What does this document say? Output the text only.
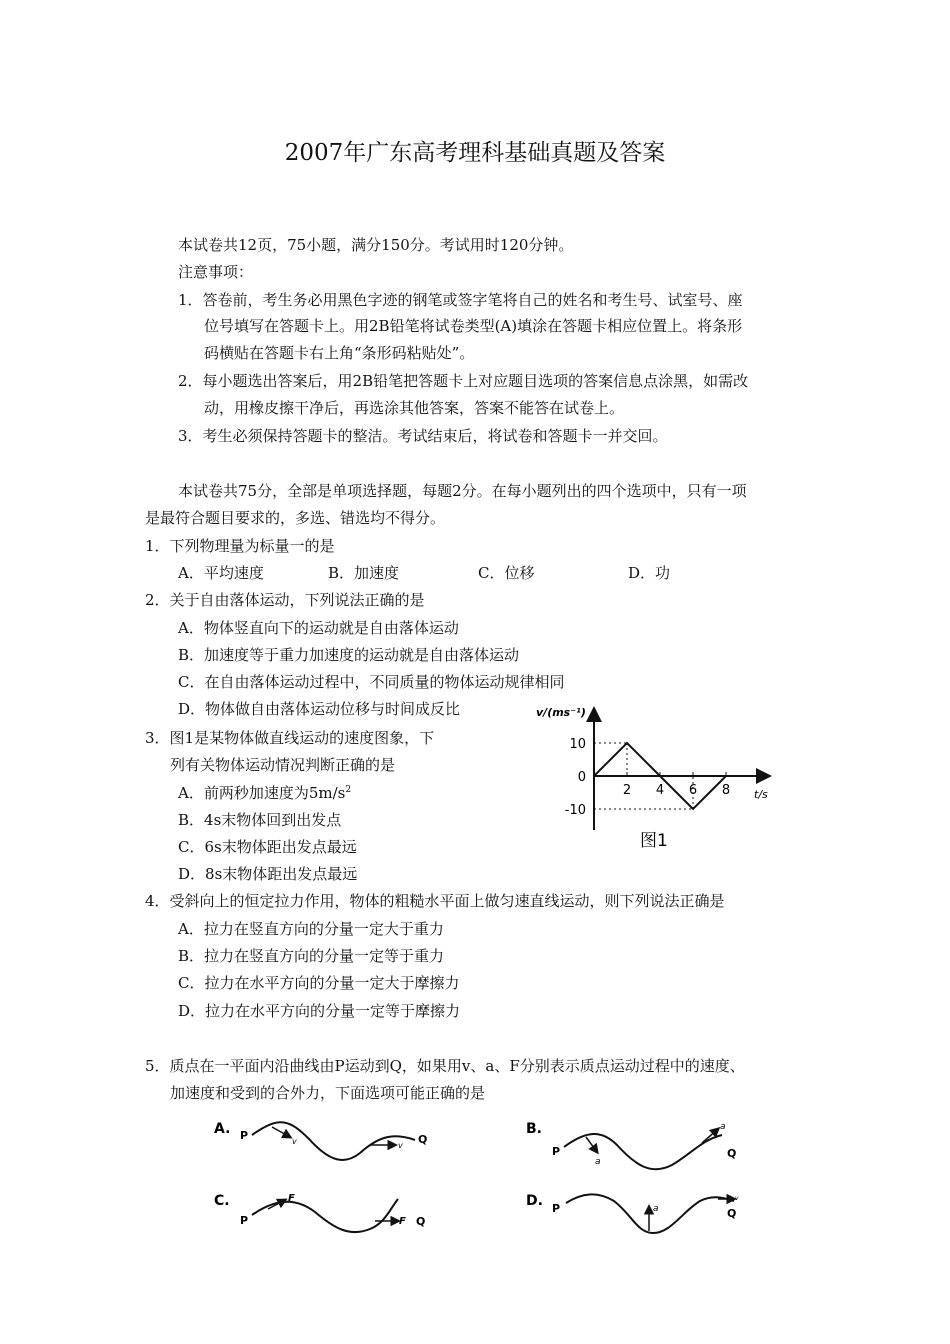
2007年广东高考理科基础真题及答案
本试卷共12页，75小题，满分150分。考试用时120分钟。
注意事项：
1．答卷前，考生务必用黑色字迹的钢笔或签字笔将自己的姓名和考生号、试室号、座
位号填写在答题卡上。用2B铅笔将试卷类型(A)填涂在答题卡相应位置上。将条形
码横贴在答题卡右上角“条形码粘贴处”。
2．每小题选出答案后，用2B铅笔把答题卡上对应题目选项的答案信息点涂黑，如需改
动，用橡皮擦干净后，再选涂其他答案，答案不能答在试卷上。
3．考生必须保持答题卡的整洁。考试结束后，将试卷和答题卡一并交回。
本试卷共75分，全部是单项选择题，每题2分。在每小题列出的四个选项中，只有一项
是最符合题目要求的，多选、错选均不得分。
1．下列物理量为标量一的是
A．平均速度	B．加速度	C．位移	D．功
2．关于自由落体运动，下列说法正确的是
A．物体竖直向下的运动就是自由落体运动
B．加速度等于重力加速度的运动就是自由落体运动
C．在自由落体运动过程中，不同质量的物体运动规律相同
D．物体做自由落体运动位移与时间成反比
3．图1是某物体做直线运动的速度图象，下
列有关物体运动情况判断正确的是
A．前两秒加速度为$5m/s^2$
B．4s末物体回到出发点
C．6s末物体距出发点最远
D．8s末物体距出发点最远
v/(ms⁻¹)
10
0
-10
2 4 6 8 t/s
图1
4．受斜向上的恒定拉力作用，物体的粗糙水平面上做匀速直线运动，则下列说法正确是
A．拉力在竖直方向的分量一定大于重力
B．拉力在竖直方向的分量一定等于重力
C．拉力在水平方向的分量一定大于摩擦力
D．拉力在水平方向的分量一定等于摩擦力
5．质点在一平面内沿曲线由P运动到Q，如果用v、a、F分别表示质点运动过程中的速度、
加速度和受到的合外力，下面选项可能正确的是
A. P	v	v Q
B.
P
a
a
Q
C.
P
F
F Q
D. P	a
v
Q
